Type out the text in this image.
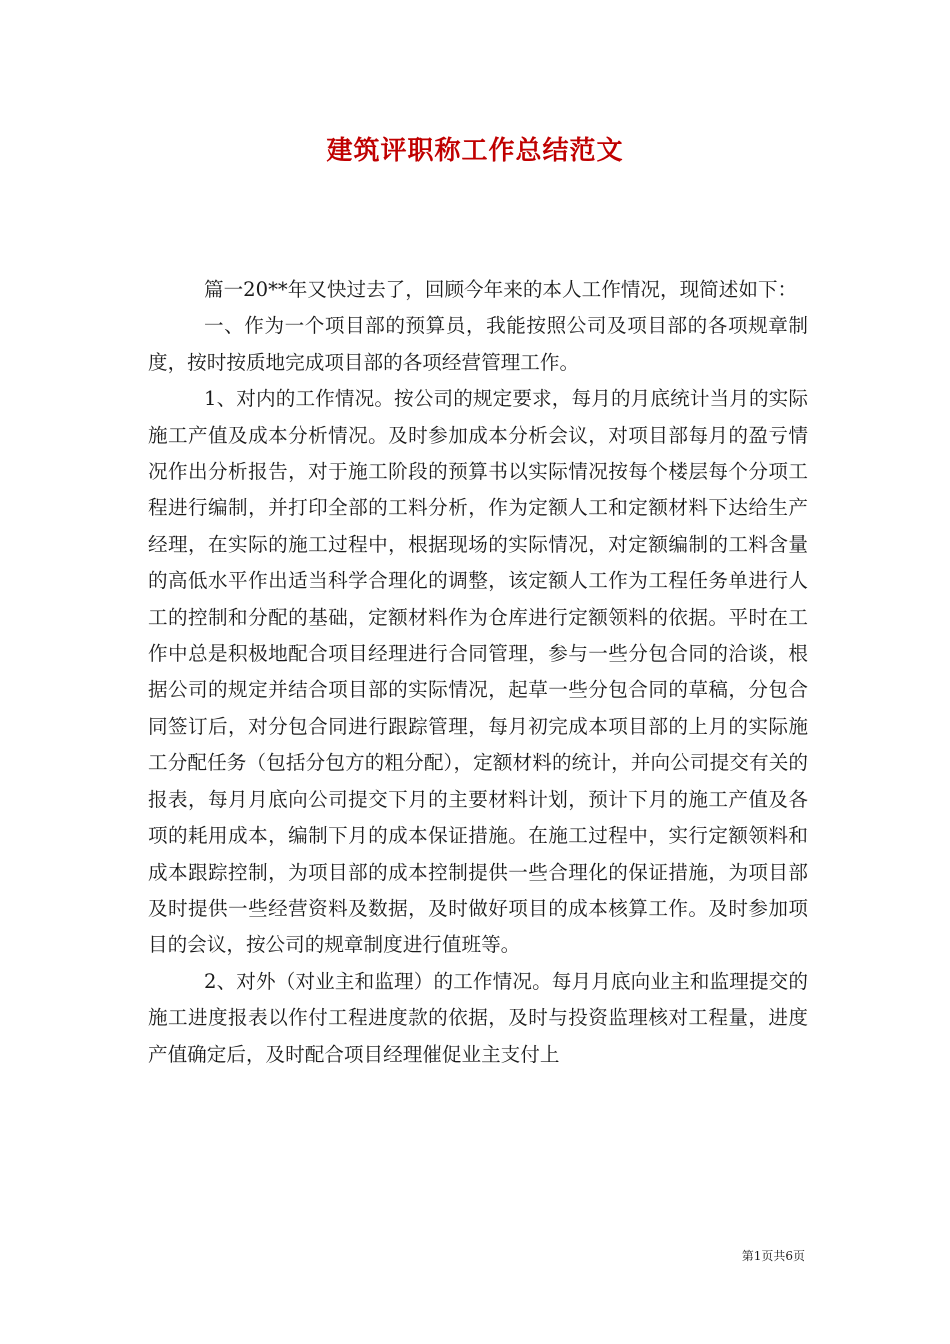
建筑评职称工作总结范文

篇一20**年又快过去了，回顾今年来的本人工作情况，现简述如下：

一、作为一个项目部的预算员，我能按照公司及项目部的各项规章制度，按时按质地完成项目部的各项经营管理工作。

1、对内的工作情况。按公司的规定要求，每月的月底统计当月的实际施工产值及成本分析情况。及时参加成本分析会议，对项目部每月的盈亏情况作出分析报告，对于施工阶段的预算书以实际情况按每个楼层每个分项工程进行编制，并打印全部的工料分析，作为定额人工和定额材料下达给生产经理，在实际的施工过程中，根据现场的实际情况，对定额编制的工料含量的高低水平作出适当科学合理化的调整，该定额人工作为工程任务单进行人工的控制和分配的基础，定额材料作为仓库进行定额领料的依据。平时在工作中总是积极地配合项目经理进行合同管理，参与一些分包合同的洽谈，根据公司的规定并结合项目部的实际情况，起草一些分包合同的草稿，分包合同签订后，对分包合同进行跟踪管理，每月初完成本项目部的上月的实际施工分配任务（包括分包方的粗分配），定额材料的统计，并向公司提交有关的报表，每月月底向公司提交下月的主要材料计划，预计下月的施工产值及各项的耗用成本，编制下月的成本保证措施。在施工过程中，实行定额领料和成本跟踪控制，为项目部的成本控制提供一些合理化的保证措施，为项目部及时提供一些经营资料及数据，及时做好项目的成本核算工作。及时参加项目的会议，按公司的规章制度进行值班等。

2、对外（对业主和监理）的工作情况。每月月底向业主和监理提交的施工进度报表以作付工程进度款的依据，及时与投资监理核对工程量，进度产值确定后，及时配合项目经理催促业主支付上

第1页共6页
